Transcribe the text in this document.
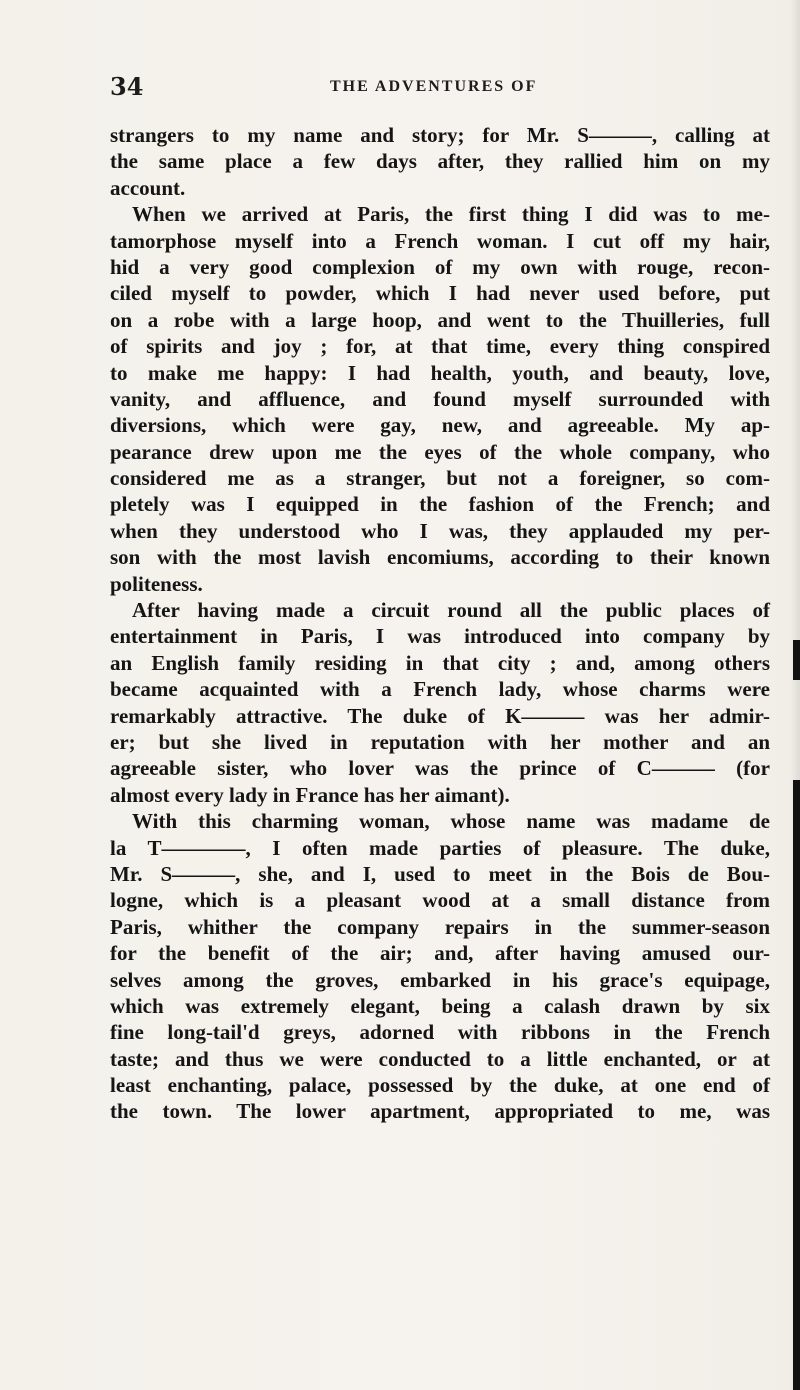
34	THE ADVENTURES OF
strangers to my name and story; for Mr. S———, calling at
the same place a few days after, they rallied him on my
account.
When we arrived at Paris, the first thing I did was to me-
tamorphose myself into a French woman. I cut off my hair,
hid a very good complexion of my own with rouge, recon-
ciled myself to powder, which I had never used before, put
on a robe with a large hoop, and went to the Thuilleries, full
of spirits and joy ; for, at that time, every thing conspired
to make me happy: I had health, youth, and beauty, love,
vanity, and affluence, and found myself surrounded with
diversions, which were gay, new, and agreeable. My ap-
pearance drew upon me the eyes of the whole company, who
considered me as a stranger, but not a foreigner, so com-
pletely was I equipped in the fashion of the French; and
when they understood who I was, they applauded my per-
son with the most lavish encomiums, according to their known
politeness.
After having made a circuit round all the public places of
entertainment in Paris, I was introduced into company by
an English family residing in that city ; and, among others
became acquainted with a French lady, whose charms were
remarkably attractive. The duke of K——— was her admir-
er; but she lived in reputation with her mother and an
agreeable sister, who lover was the prince of C——— (for
almost every lady in France has her aimant).
With this charming woman, whose name was madame de
la T————, I often made parties of pleasure. The duke,
Mr. S———, she, and I, used to meet in the Bois de Bou-
logne, which is a pleasant wood at a small distance from
Paris, whither the company repairs in the summer-season
for the benefit of the air; and, after having amused our-
selves among the groves, embarked in his grace's equipage,
which was extremely elegant, being a calash drawn by six
fine long-tail'd greys, adorned with ribbons in the French
taste; and thus we were conducted to a little enchanted, or at
least enchanting, palace, possessed by the duke, at one end of
the town. The lower apartment, appropriated to me, was
